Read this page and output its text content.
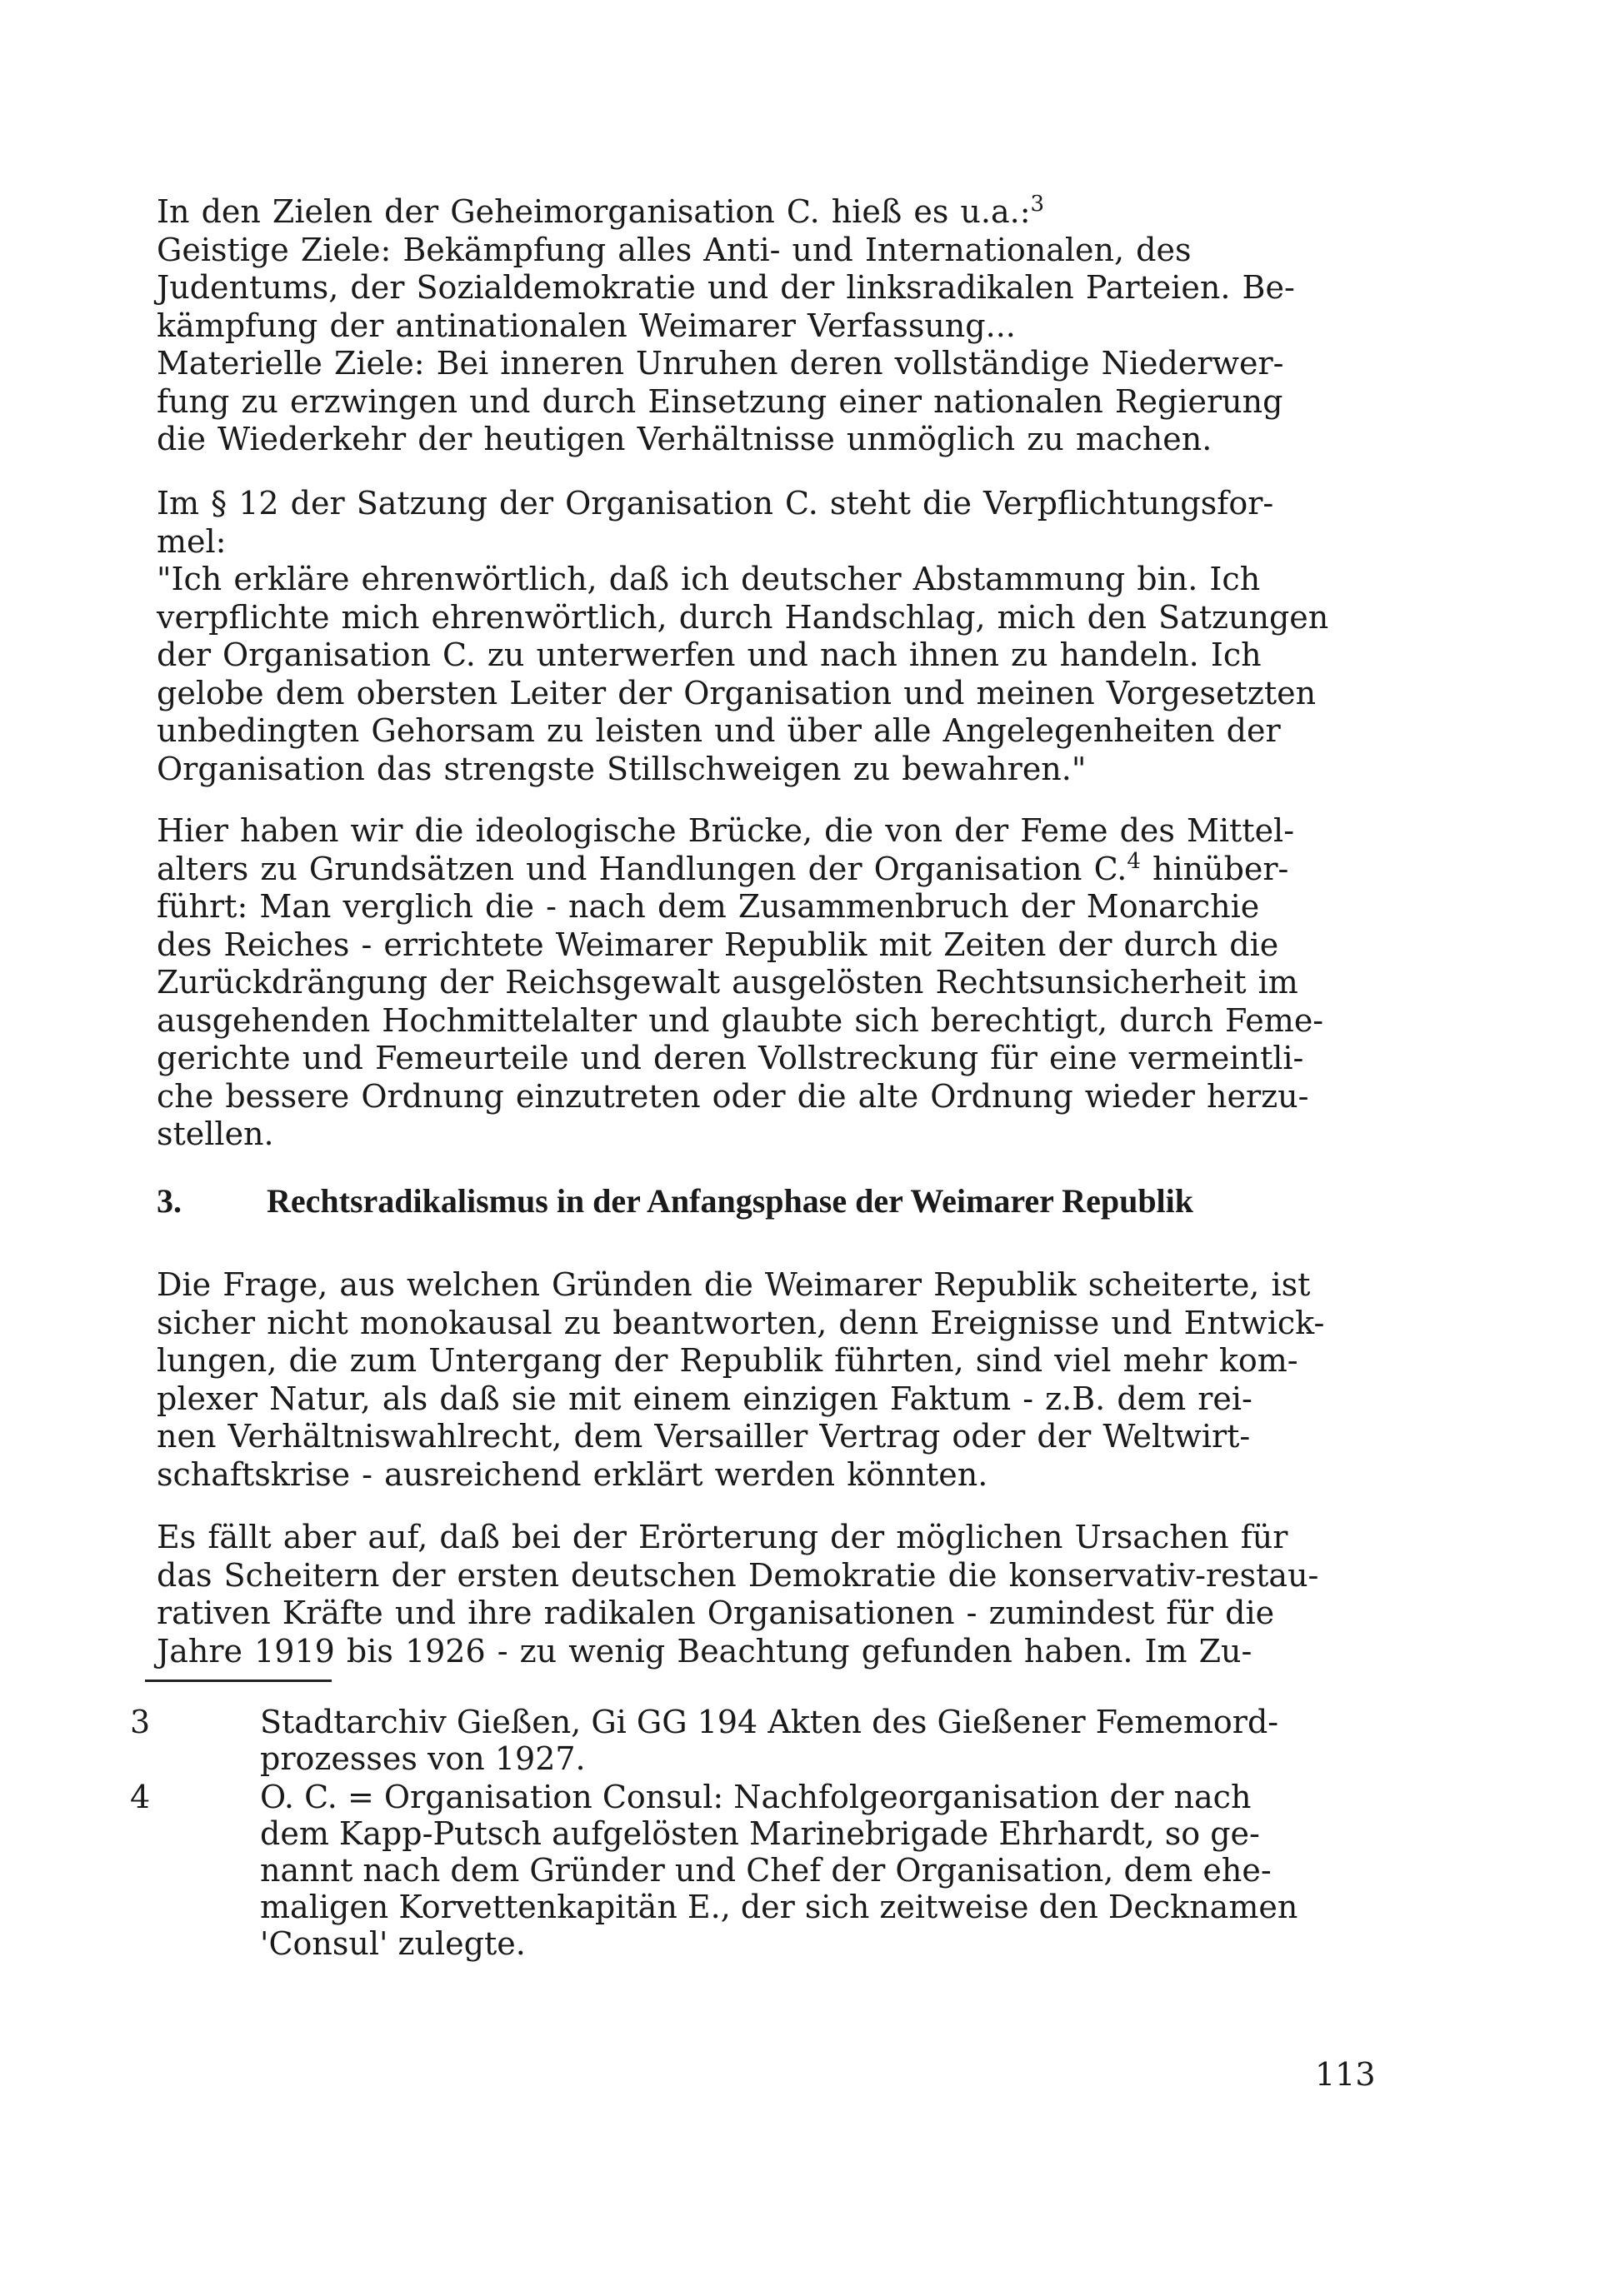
In den Zielen der Geheimorganisation C. hieß es u.a.:$^3$
Geistige Ziele: Bekämpfung alles Anti- und Internationalen, des
Judentums, der Sozialdemokratie und der linksradikalen Parteien. Be-
kämpfung der antinationalen Weimarer Verfassung...
Materielle Ziele: Bei inneren Unruhen deren vollständige Niederwer-
fung zu erzwingen und durch Einsetzung einer nationalen Regierung
die Wiederkehr der heutigen Verhältnisse unmöglich zu machen.

Im § 12 der Satzung der Organisation C. steht die Verpflichtungsfor-
mel:
"Ich erkläre ehrenwörtlich, daß ich deutscher Abstammung bin. Ich
verpflichte mich ehrenwörtlich, durch Handschlag, mich den Satzungen
der Organisation C. zu unterwerfen und nach ihnen zu handeln. Ich
gelobe dem obersten Leiter der Organisation und meinen Vorgesetzten
unbedingten Gehorsam zu leisten und über alle Angelegenheiten der
Organisation das strengste Stillschweigen zu bewahren."

Hier haben wir die ideologische Brücke, die von der Feme des Mittel-
alters zu Grundsätzen und Handlungen der Organisation C.$^4$ hinüber-
führt: Man verglich die - nach dem Zusammenbruch der Monarchie
des Reiches - errichtete Weimarer Republik mit Zeiten der durch die
Zurückdrängung der Reichsgewalt ausgelösten Rechtsunsicherheit im
ausgehenden Hochmittelalter und glaubte sich berechtigt, durch Feme-
gerichte und Femeurteile und deren Vollstreckung für eine vermeintli-
che bessere Ordnung einzutreten oder die alte Ordnung wieder herzu-
stellen.

3.	Rechtsradikalismus in der Anfangsphase der Weimarer Republik

Die Frage, aus welchen Gründen die Weimarer Republik scheiterte, ist
sicher nicht monokausal zu beantworten, denn Ereignisse und Entwick-
lungen, die zum Untergang der Republik führten, sind viel mehr kom-
plexer Natur, als daß sie mit einem einzigen Faktum - z.B. dem rei-
nen Verhältniswahlrecht, dem Versailler Vertrag oder der Weltwirt-
schaftskrise - ausreichend erklärt werden könnten.

Es fällt aber auf, daß bei der Erörterung der möglichen Ursachen für
das Scheitern der ersten deutschen Demokratie die konservativ-restau-
rativen Kräfte und ihre radikalen Organisationen - zumindest für die
Jahre 1919 bis 1926 - zu wenig Beachtung gefunden haben. Im Zu-

3	Stadtarchiv Gießen, Gi GG 194 Akten des Gießener Fememord-
prozesses von 1927.
4	O. C. = Organisation Consul: Nachfolgeorganisation der nach
dem Kapp-Putsch aufgelösten Marinebrigade Ehrhardt, so ge-
nannt nach dem Gründer und Chef der Organisation, dem ehe-
maligen Korvettenkapitän E., der sich zeitweise den Decknamen
'Consul' zulegte.
113
